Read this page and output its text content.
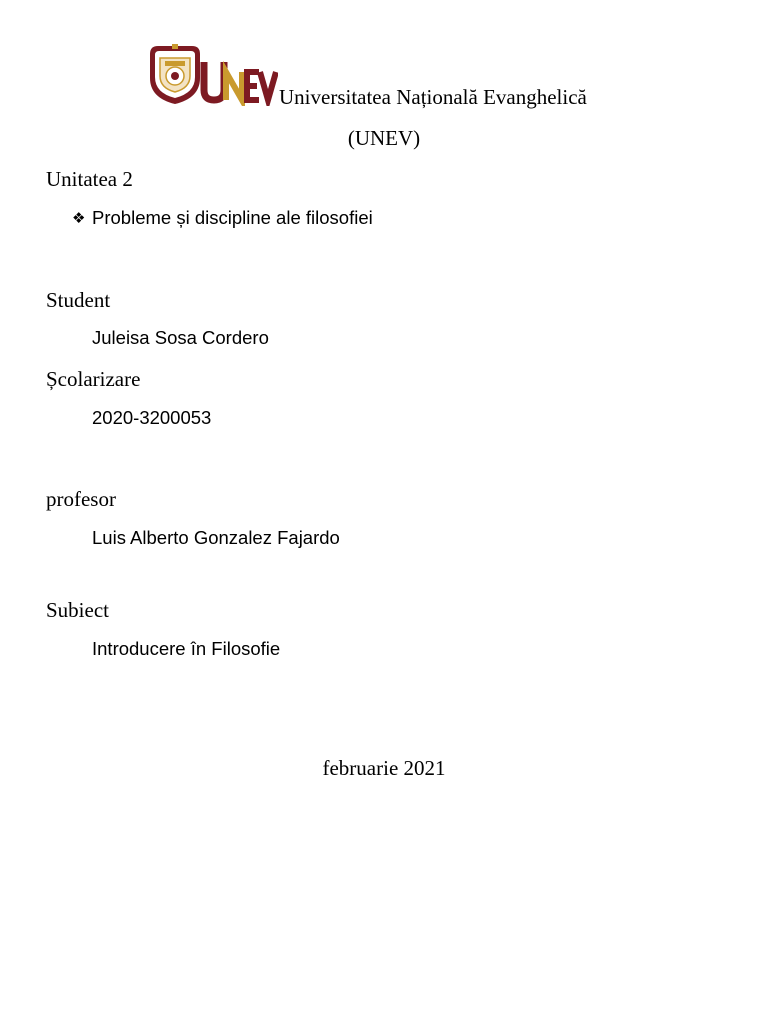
Universitatea Națională Evanghelică
(UNEV)
Unitatea 2
❖ Probleme și discipline ale filosofiei
Student
Juleisa Sosa Cordero
Școlarizare
2020-3200053
profesor
Luis Alberto Gonzalez Fajardo
Subiect
Introducere în Filosofie
februarie 2021
